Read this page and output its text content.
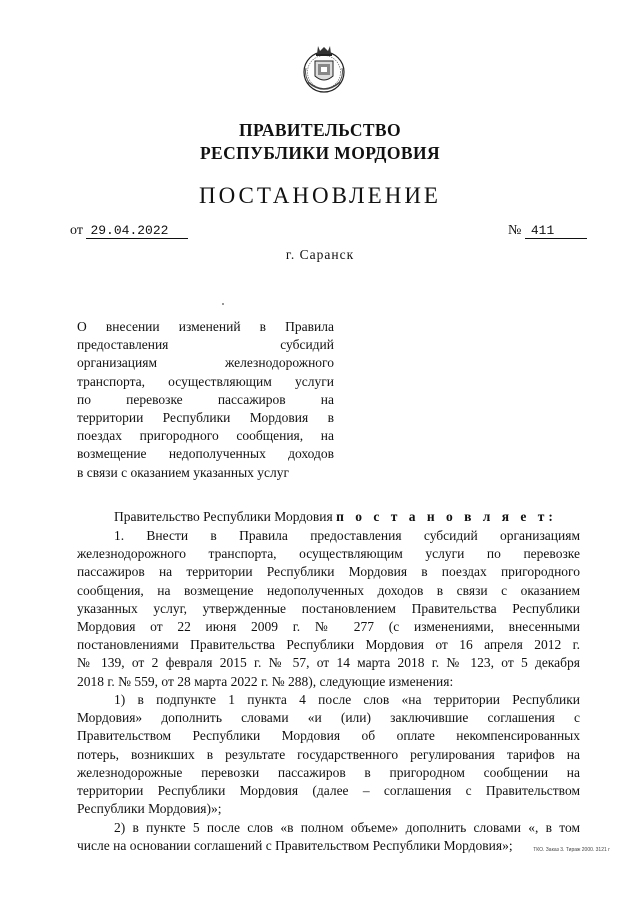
ПРАВИТЕЛЬСТВО
РЕСПУБЛИКИ МОРДОВИЯ
ПОСТАНОВЛЕНИЕ
от 29.04.2022	№ 411
г. Саранск
О внесении изменений в Правила
предоставления субсидий
организациям железнодорожного
транспорта, осуществляющим услуги
по перевозке пассажиров на
территории Республики Мордовия в
поездах пригородного сообщения, на
возмещение недополученных доходов
в связи с оказанием указанных услуг
Правительство Республики Мордовия п о с т а н о в л я е т:
1. Внести в Правила предоставления субсидий организациям
железнодорожного транспорта, осуществляющим услуги по перевозке
пассажиров на территории Республики Мордовия в поездах пригородного
сообщения, на возмещение недополученных доходов в связи с оказанием
указанных услуг, утвержденные постановлением Правительства Республики
Мордовия от 22 июня 2009 г. № 277 (с изменениями, внесенными
постановлениями Правительства Республики Мордовия от 16 апреля 2012 г.
№ 139, от 2 февраля 2015 г. № 57, от 14 марта 2018 г. № 123, от 5 декабря
2018 г. № 559, от 28 марта 2022 г. № 288), следующие изменения:
1) в подпункте 1 пункта 4 после слов «на территории Республики
Мордовия» дополнить словами «и (или) заключившие соглашения с
Правительством Республики Мордовия об оплате некомпенсированных
потерь, возникших в результате государственного регулирования тарифов на
железнодорожные перевозки пассажиров в пригородном сообщении на
территории Республики Мордовия (далее – соглашения с Правительством
Республики Мордовия)»;
2) в пункте 5 после слов «в полном объеме» дополнить словами «, в том
числе на основании соглашений с Правительством Республики Мордовия»;	ТКО. Заказ 3. Тираж 2000. 3121 г
